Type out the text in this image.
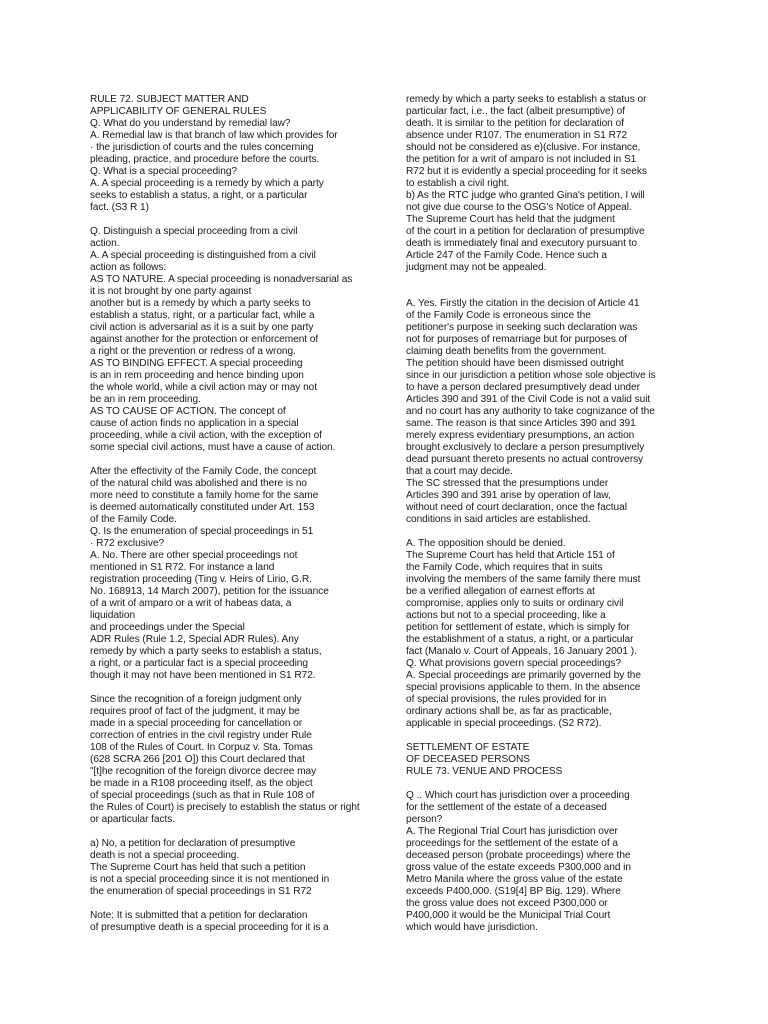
RULE 72. SUBJECT MATTER AND
APPLICABILITY OF GENERAL RULES
Q. What do you understand by remedial law?
A. Remedial law is that branch of law which provides for
· the jurisdiction of courts and the rules concerning
pleading, practice, and procedure before the courts.
Q. What is a special proceeding?
A. A special proceeding is a remedy by which a party
seeks to establish a status, a right, or a particular
fact. (S3 R 1)
Q. Distinguish a special proceeding from a civil
action.
A. A special proceeding is distinguished from a civil
action as follows:
AS TO NATURE. A special proceeding is nonadversarial as
it is not brought by one party against
another but is a remedy by which a party seeks to
establish a status, right, or a particular fact, while a
civil action is adversarial as it is a suit by one party
against another for the protection or enforcement of
a right or the prevention or redress of a wrong.
AS TO BINDING EFFECT. A special proceeding
is an in rem proceeding and hence binding upon
the whole world, while a civil action may or may not
be an in rem proceeding.
AS TO CAUSE OF ACTION. The concept of
cause of action finds no application in a special
proceeding, while a civil action, with the exception of
some special civil actions, must have a cause of action.
After the effectivity of the Family Code, the concept
of the natural child was abolished and there is no
more need to constitute a family home for the same
is deemed automatically constituted under Art. 153
of the Family Code.
Q. Is the enumeration of special proceedings in 51
· R72 exclusive?
A. No. There are other special proceedings not
mentioned in S1 R72. For instance a land
registration proceeding (Ting v. Heirs of Lirio, G.R.
No. 168913, 14 March 2007), petition for the issuance
of a writ of amparo or a writ of habeas data, a
liquidation
and proceedings under the Special
ADR Rules (Rule 1.2, Special ADR Rules). Any
remedy by which a party seeks to establish a status,
a right, or a particular fact is a special proceeding
though it may not have been mentioned in S1 R72.
Since the recognition of a foreign judgment only
requires proof of fact of the judgment, it may be
made in a special proceeding for cancellation or
correction of entries in the civil registry under Rule
108 of the Rules of Court. In Corpuz v. Sta. Tomas
(628 SCRA 266 [201 O]) this Court declared that
"[t]he recognition of the foreign divorce decree may
be made in a R108 proceeding itself, as the object
of special proceedings (such as that in Rule 108 of
the Rules of Court) is precisely to establish the status or right
or aparticular facts.
a) No, a petition for declaration of presumptive
death is not a special proceeding.
The Supreme Court has held that such a petition
is not a special proceeding since it is not mentioned in
the enumeration of special proceedings in S1 R72
Note: It is submitted that a petition for declaration
of presumptive death is a special proceeding for it is a
remedy by which a party seeks to establish a status or
particular fact, i.e., the fact (albeit presumptive) of
death. It is similar to the petition for declaration of
absence under R107. The enumeration in S1 R72
should not be considered as e)(clusive. For instance,
the petition for a writ of amparo is not included in S1
R72 but it is evidently a special proceeding for it seeks
to establish a civil right.
b) As the RTC judge who granted Gina's petition, I will
not give due course to the OSG's Notice of Appeal.
The Supreme Court has held that the judgment
of the court in a petition for declaration of presumptive
death is immediately final and executory pursuant to
Article 247 of the Family Code. Hence such a
judgment may not be appealed.
A. Yes. Firstly the citation in the decision of Article 41
of the Family Code is erroneous since the
petitioner's purpose in seeking such declaration was
not for purposes of remarriage but for purposes of
claiming death benefits from the government.
The petition should have been dismissed outright
since in our jurisdiction a petition whose sole objective is
to have a person declared presumptively dead under
Articles 390 and 391 of the Civil Code is not a valid suit
and no court has any authority to take cognizance of the
same. The reason is that since Articles 390 and 391
merely express evidentiary presumptions, an action
brought exclusively to declare a person presumptively
dead pursuant thereto presents no actual controversy
that a court may decide.
The SC stressed that the presumptions under
Articles 390 and 391 arise by operation of law,
without need of court declaration, once the factual
conditions in said articles are established.
A. The opposition should be denied.
The Supreme Court has held that Article 151 of
the Family Code, which requires that in suits
involving the members of the same family there must
be a verified allegation of earnest efforts at
compromise, applies only to suits or ordinary civil
actions but not to a special proceeding, like a
petition for settlement of estate, which is simply for
the establishment of a status, a right, or a particular
fact (Manalo v. Court of Appeals, 16 January 2001 ).
Q. What provisions govern special proceedings?
A. Special proceedings are primarily governed by the
special provisions applicable to them. In the absence
of special provisions, the rules provided for in
ordinary actions shall be, as far as practicable,
applicable in special proceedings. (S2 R72).
SETTLEMENT OF ESTATE
OF DECEASED PERSONS
RULE 73. VENUE AND PROCESS
Q .. Which court has jurisdiction over a proceeding
for the settlement of the estate of a deceased
person?
A. The Regional Trial Court has jurisdiction over
proceedings for the settlement of the estate of a
deceased person (probate proceedings) where the
gross value of the estate exceeds P300,000 and in
Metro Manila where the gross value of the estate
exceeds P400,000. (S19[4] BP Big. 129). Where
the gross value does not exceed P300,000 or
P400,000 it would be the Municipal Trial Court
which would have jurisdiction.
